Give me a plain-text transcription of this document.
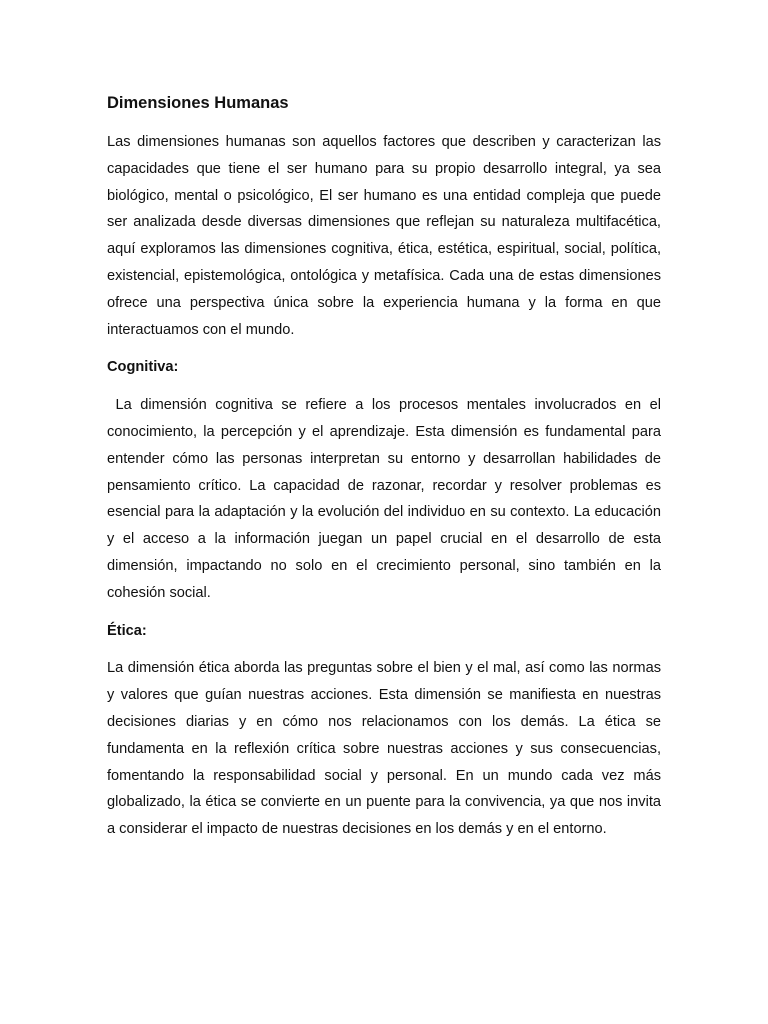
Dimensiones Humanas

Las dimensiones humanas son aquellos factores que describen y caracterizan las capacidades que tiene el ser humano para su propio desarrollo integral, ya sea biológico, mental o psicológico, El ser humano es una entidad compleja que puede ser analizada desde diversas dimensiones que reflejan su naturaleza multifacética, aquí exploramos las dimensiones cognitiva, ética, estética, espiritual, social, política, existencial, epistemológica, ontológica y metafísica. Cada una de estas dimensiones ofrece una perspectiva única sobre la experiencia humana y la forma en que interactuamos con el mundo.

Cognitiva:

La dimensión cognitiva se refiere a los procesos mentales involucrados en el conocimiento, la percepción y el aprendizaje. Esta dimensión es fundamental para entender cómo las personas interpretan su entorno y desarrollan habilidades de pensamiento crítico. La capacidad de razonar, recordar y resolver problemas es esencial para la adaptación y la evolución del individuo en su contexto. La educación y el acceso a la información juegan un papel crucial en el desarrollo de esta dimensión, impactando no solo en el crecimiento personal, sino también en la cohesión social.

Ética:

La dimensión ética aborda las preguntas sobre el bien y el mal, así como las normas y valores que guían nuestras acciones. Esta dimensión se manifiesta en nuestras decisiones diarias y en cómo nos relacionamos con los demás. La ética se fundamenta en la reflexión crítica sobre nuestras acciones y sus consecuencias, fomentando la responsabilidad social y personal. En un mundo cada vez más globalizado, la ética se convierte en un puente para la convivencia, ya que nos invita a considerar el impacto de nuestras decisiones en los demás y en el entorno.
